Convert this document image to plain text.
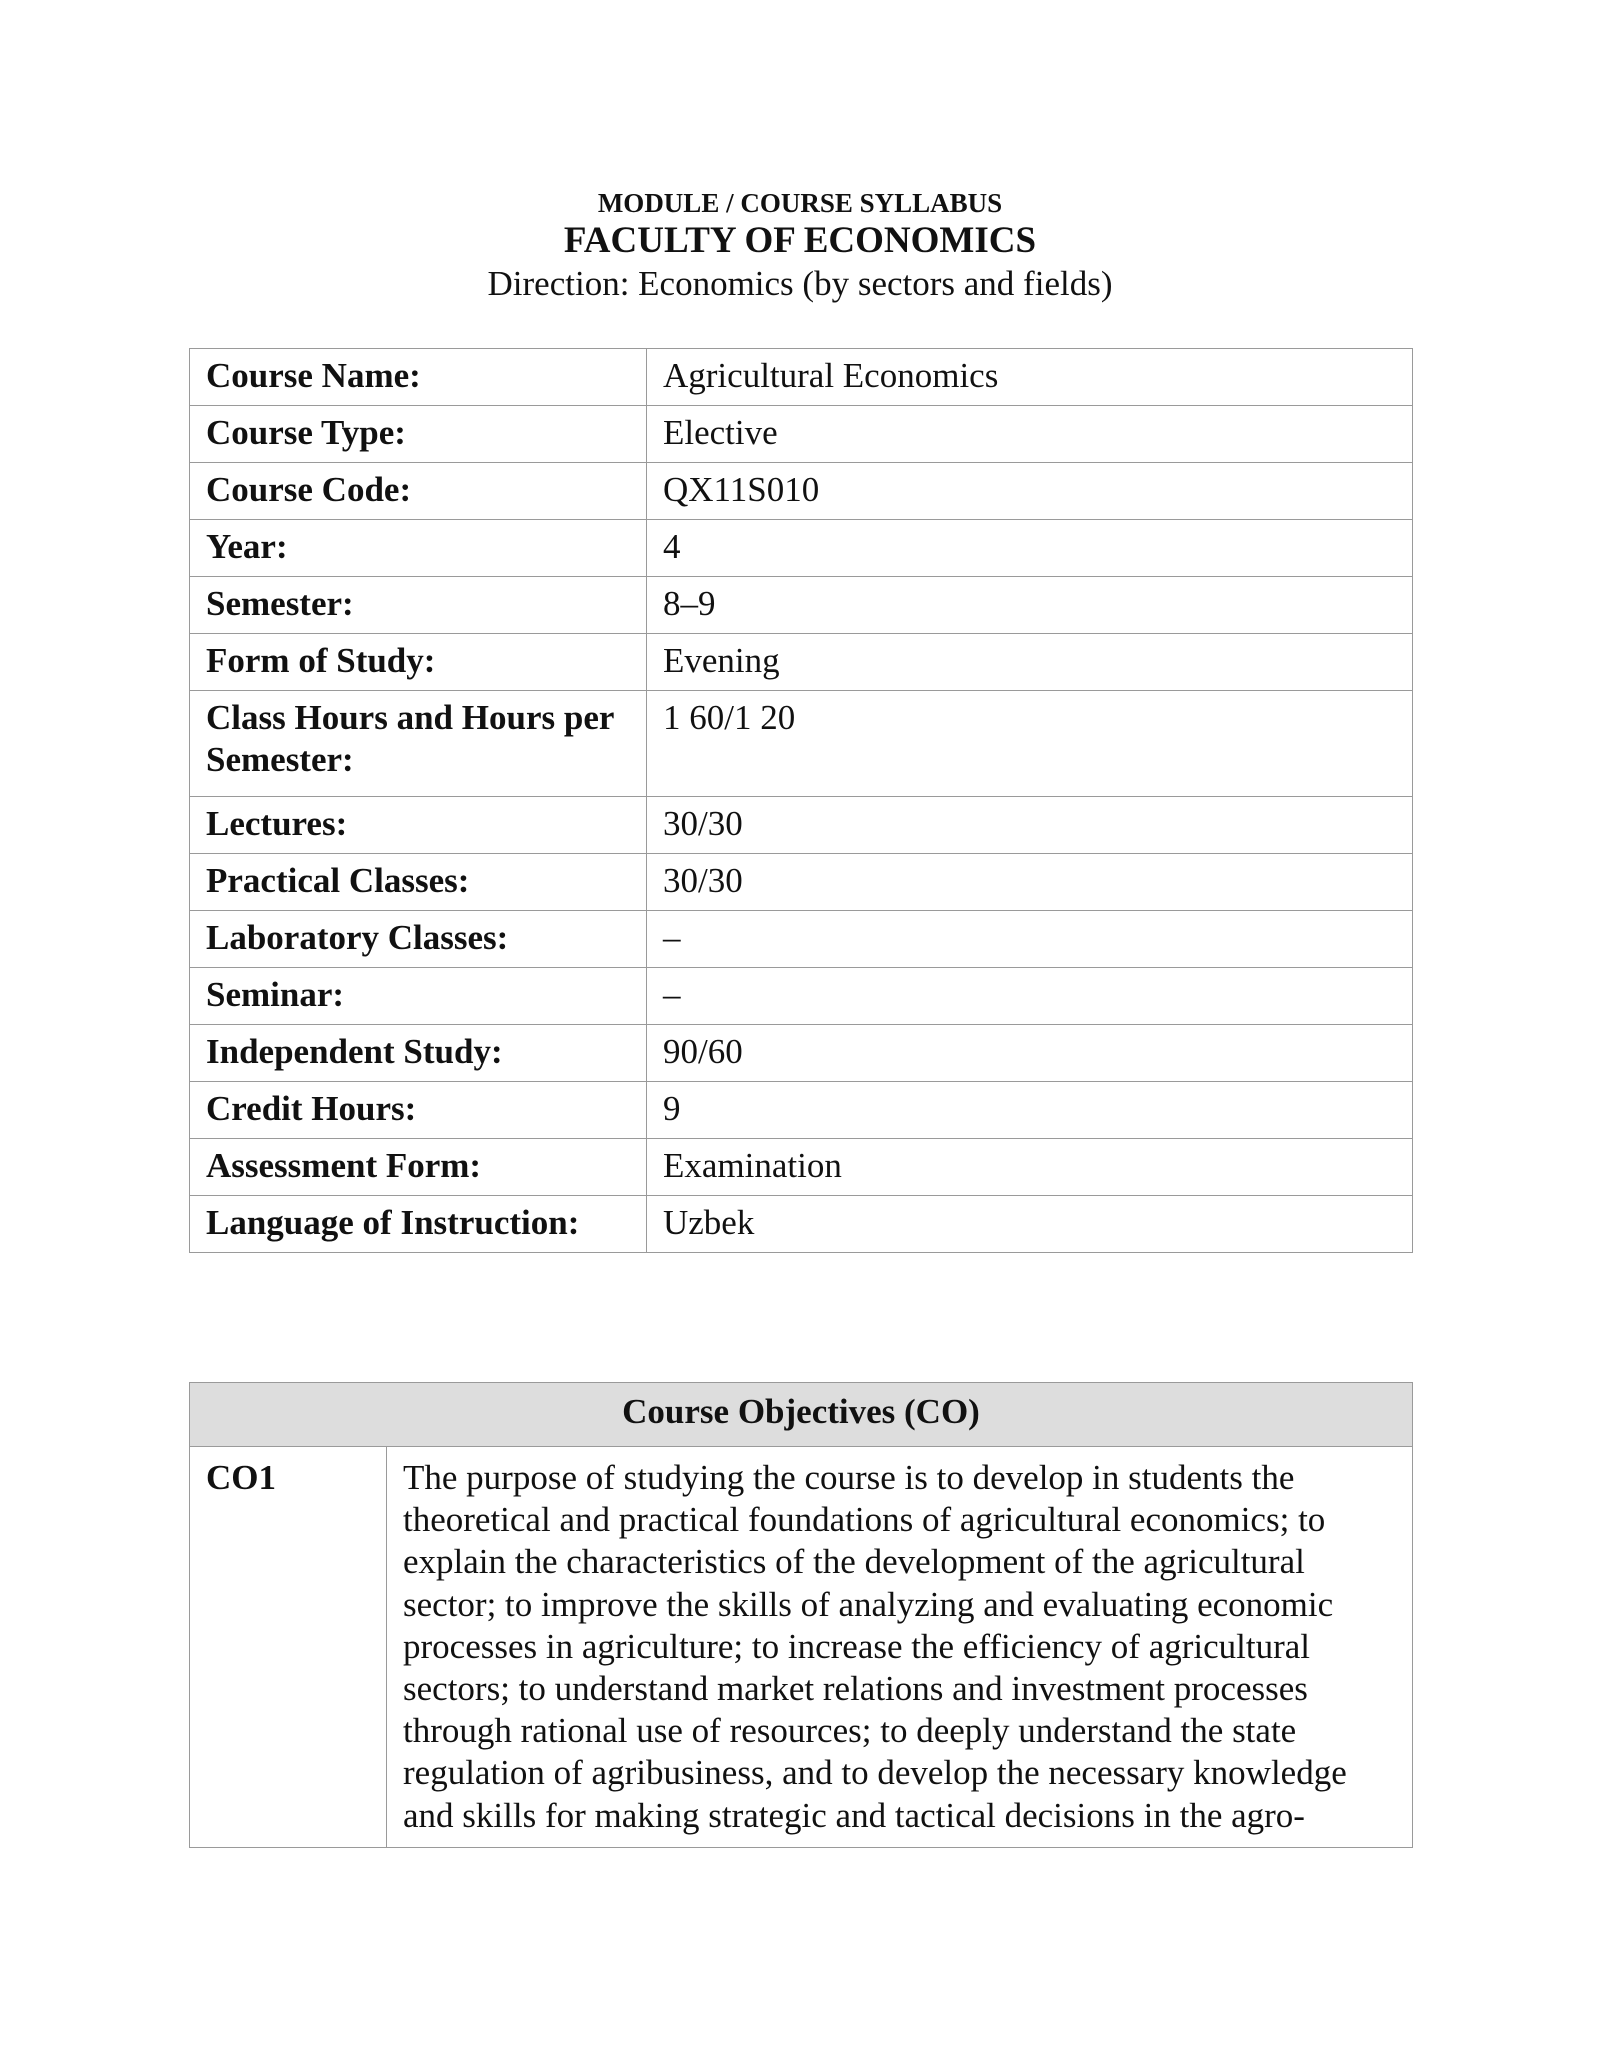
MODULE / COURSE SYLLABUS
FACULTY OF ECONOMICS
Direction: Economics (by sectors and fields)
Course Name:	Agricultural Economics
Course Type:	Elective
Course Code:	QX11S010
Year:	4
Semester:	8–9
Form of Study:	Evening
Class Hours and Hours per Semester:	1 60/1 20
Lectures:	30/30
Practical Classes:	30/30
Laboratory Classes:	–
Seminar:	–
Independent Study:	90/60
Credit Hours:	9
Assessment Form:	Examination
Language of Instruction:	Uzbek
Course Objectives (CO)
CO1	The purpose of studying the course is to develop in students the theoretical and practical foundations of agricultural economics; to explain the characteristics of the development of the agricultural sector; to improve the skills of analyzing and evaluating economic processes in agriculture; to increase the efficiency of agricultural sectors; to understand market relations and investment processes through rational use of resources; to deeply understand the state regulation of agribusiness, and to develop the necessary knowledge and skills for making strategic and tactical decisions in the agro-
